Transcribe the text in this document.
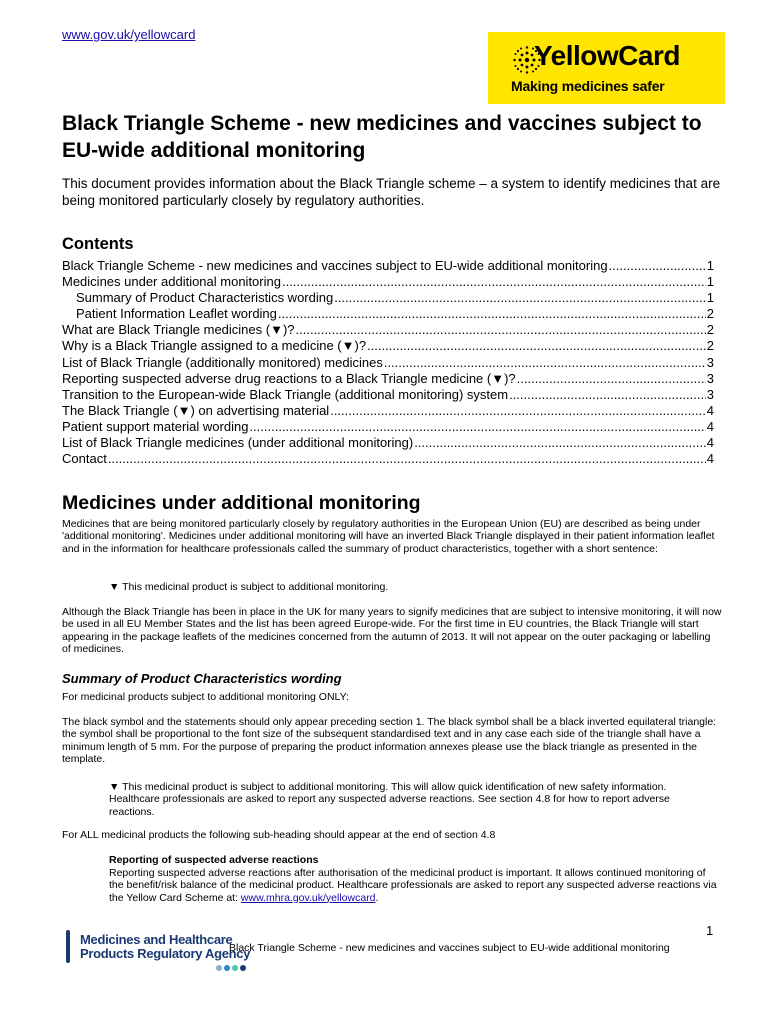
www.gov.uk/yellowcard
YellowCard
Making medicines safer
Black Triangle Scheme - new medicines and vaccines subject to EU-wide additional monitoring
This document provides information about the Black Triangle scheme – a system to identify medicines that are being monitored particularly closely by regulatory authorities.
Contents
Black Triangle Scheme - new medicines and vaccines subject to EU-wide additional monitoring .....	1
Medicines under additional monitoring .....	1
Summary of Product Characteristics wording .....	1
Patient Information Leaflet wording .....	2
What are Black Triangle medicines (▼)? .....	2
Why is a Black Triangle assigned to a medicine (▼)? .....	2
List of Black Triangle (additionally monitored) medicines .....	3
Reporting suspected adverse drug reactions to a Black Triangle medicine (▼)? .....	3
Transition to the European-wide Black Triangle (additional monitoring) system .....	3
The Black Triangle (▼) on advertising material .....	4
Patient support material wording .....	4
List of Black Triangle medicines (under additional monitoring) .....	4
Contact .....	4
Medicines under additional monitoring
Medicines that are being monitored particularly closely by regulatory authorities in the European Union (EU) are described as being under 'additional monitoring'. Medicines under additional monitoring will have an inverted Black Triangle displayed in their patient information leaflet and in the information for healthcare professionals called the summary of product characteristics, together with a short sentence:
▼ This medicinal product is subject to additional monitoring.
Although the Black Triangle has been in place in the UK for many years to signify medicines that are subject to intensive monitoring, it will now be used in all EU Member States and the list has been agreed Europe-wide. For the first time in EU countries, the Black Triangle will start appearing in the package leaflets of the medicines concerned from the autumn of 2013. It will not appear on the outer packaging or labelling of medicines.
Summary of Product Characteristics wording
For medicinal products subject to additional monitoring ONLY:
The black symbol and the statements should only appear preceding section 1. The black symbol shall be a black inverted equilateral triangle: the symbol shall be proportional to the font size of the subsequent standardised text and in any case each side of the triangle shall have a minimum length of 5 mm. For the purpose of preparing the product information annexes please use the black triangle as presented in the template.
▼ This medicinal product is subject to additional monitoring. This will allow quick identification of new safety information. Healthcare professionals are asked to report any suspected adverse reactions. See section 4.8 for how to report adverse reactions.
For ALL medicinal products the following sub-heading should appear at the end of section 4.8
Reporting of suspected adverse reactions
Reporting suspected adverse reactions after authorisation of the medicinal product is important. It allows continued monitoring of the benefit/risk balance of the medicinal product. Healthcare professionals are asked to report any suspected adverse reactions via the Yellow Card Scheme at: www.mhra.gov.uk/yellowcard.
1
Medicines and Healthcare
Products Regulatory Agency
Black Triangle Scheme - new medicines and vaccines subject to EU-wide additional monitoring
